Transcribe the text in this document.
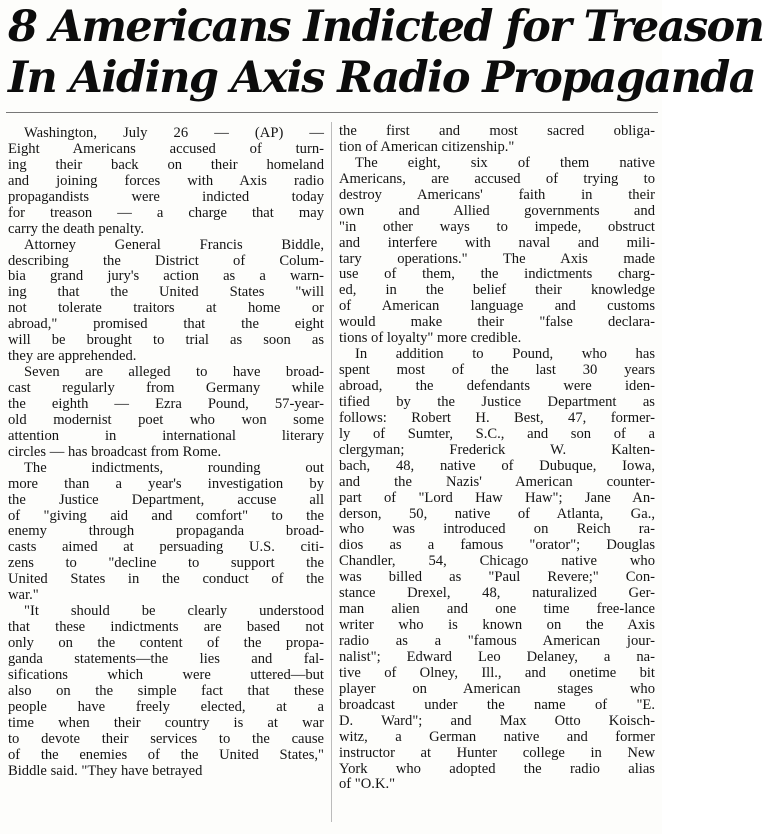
8 Americans Indicted for Treason
In Aiding Axis Radio Propaganda
Washington, July 26 — (AP) —
Eight Americans accused of turn-
ing their back on their homeland
and joining forces with Axis radio
propagandists were indicted today
for treason — a charge that may
carry the death penalty.
Attorney General Francis Biddle,
describing the District of Colum-
bia grand jury's action as a warn-
ing that the United States "will
not tolerate traitors at home or
abroad," promised that the eight
will be brought to trial as soon as
they are apprehended.
Seven are alleged to have broad-
cast regularly from Germany while
the eighth — Ezra Pound, 57-year-
old modernist poet who won some
attention in international literary
circles — has broadcast from Rome.
The indictments, rounding out
more than a year's investigation by
the Justice Department, accuse all
of "giving aid and comfort" to the
enemy through propaganda broad-
casts aimed at persuading U.S. citi-
zens to "decline to support the
United States in the conduct of the
war."
"It should be clearly understood
that these indictments are based not
only on the content of the propa-
ganda statements—the lies and fal-
sifications which were uttered—but
also on the simple fact that these
people have freely elected, at a
time when their country is at war
to devote their services to the cause
of the enemies of the United States,"
Biddle said. "They have betrayed
the first and most sacred obliga-
tion of American citizenship."
The eight, six of them native
Americans, are accused of trying to
destroy Americans' faith in their
own and Allied governments and
"in other ways to impede, obstruct
and interfere with naval and mili-
tary operations." The Axis made
use of them, the indictments charg-
ed, in the belief their knowledge
of American language and customs
would make their "false declara-
tions of loyalty" more credible.
In addition to Pound, who has
spent most of the last 30 years
abroad, the defendants were iden-
tified by the Justice Department as
follows: Robert H. Best, 47, former-
ly of Sumter, S.C., and son of a
clergyman; Frederick W. Kalten-
bach, 48, native of Dubuque, Iowa,
and the Nazis' American counter-
part of "Lord Haw Haw"; Jane An-
derson, 50, native of Atlanta, Ga.,
who was introduced on Reich ra-
dios as a famous "orator"; Douglas
Chandler, 54, Chicago native who
was billed as "Paul Revere;" Con-
stance Drexel, 48, naturalized Ger-
man alien and one time free-lance
writer who is known on the Axis
radio as a "famous American jour-
nalist"; Edward Leo Delaney, a na-
tive of Olney, Ill., and onetime bit
player on American stages who
broadcast under the name of "E.
D. Ward"; and Max Otto Koisch-
witz, a German native and former
instructor at Hunter college in New
York who adopted the radio alias
of "O.K."
